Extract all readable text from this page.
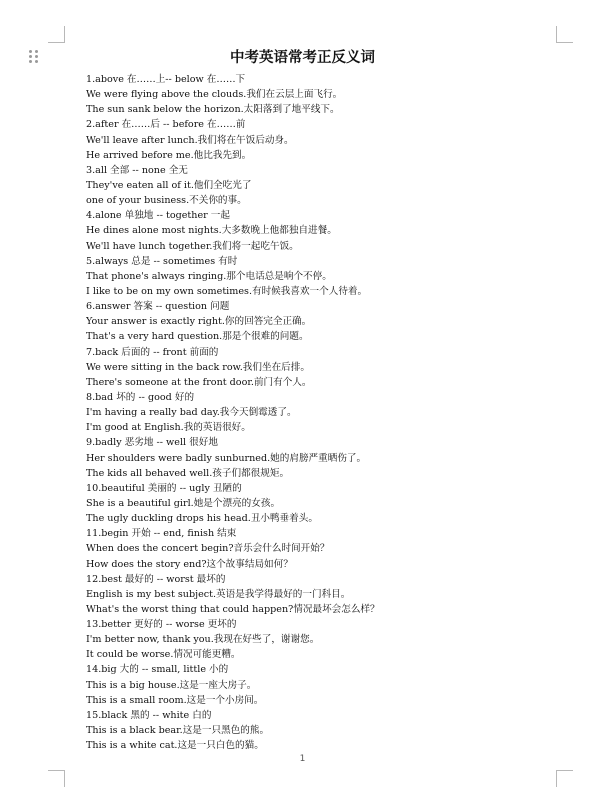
中考英语常考正反义词
1.above 在……上-- below 在……下
We were flying above the clouds.我们在云层上面飞行。
The sun sank below the horizon.太阳落到了地平线下。
2.after 在……后 -- before 在……前
We'll leave after lunch.我们将在午饭后动身。
He arrived before me.他比我先到。
3.all 全部 -- none 全无
They've eaten all of it.他们全吃光了
one of your business.不关你的事。
4.alone 单独地 -- together 一起
He dines alone most nights.大多数晚上他都独自进餐。
We'll have lunch together.我们将一起吃午饭。
5.always 总是 -- sometimes 有时
That phone's always ringing.那个电话总是响个不停。
I like to be on my own sometimes.有时候我喜欢一个人待着。
6.answer 答案 -- question 问题
Your answer is exactly right.你的回答完全正确。
That's a very hard question.那是个很难的问题。
7.back 后面的 -- front 前面的
We were sitting in the back row.我们坐在后排。
There's someone at the front door.前门有个人。
8.bad 坏的 -- good 好的
I'm having a really bad day.我今天倒霉透了。
I'm good at English.我的英语很好。
9.badly 恶劣地 -- well 很好地
Her shoulders were badly sunburned.她的肩膀严重晒伤了。
The kids all behaved well.孩子们都很规矩。
10.beautiful 美丽的 -- ugly 丑陋的
She is a beautiful girl.她是个漂亮的女孩。
The ugly duckling drops his head.丑小鸭垂着头。
11.begin 开始 -- end, finish 结束
When does the concert begin?音乐会什么时间开始？
How does the story end?这个故事结局如何？
12.best 最好的 -- worst 最坏的
English is my best subject.英语是我学得最好的一门科目。
What's the worst thing that could happen?情况最坏会怎么样？
13.better 更好的 -- worse 更坏的
I'm better now, thank you.我现在好些了，谢谢您。
It could be worse.情况可能更糟。
14.big 大的 -- small, little 小的
This is a big house.这是一座大房子。
This is a small room.这是一个小房间。
15.black 黑的 -- white 白的
This is a black bear.这是一只黑色的熊。
This is a white cat.这是一只白色的猫。
1
